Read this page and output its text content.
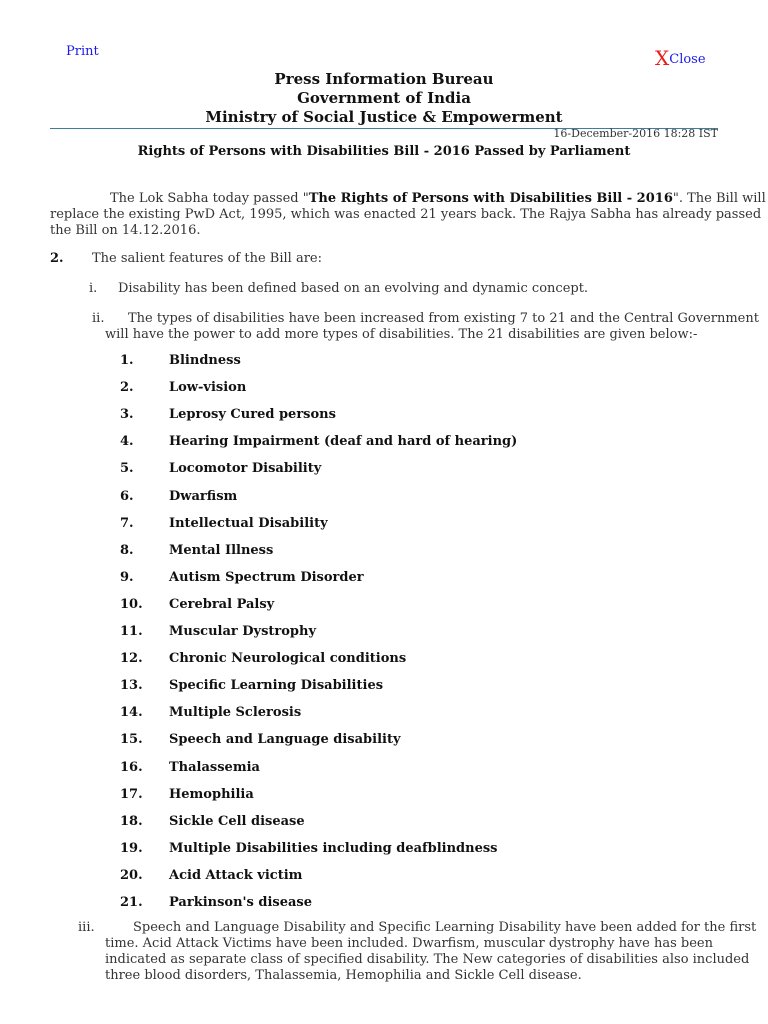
Print	XClose
Press Information Bureau
Government of India
Ministry of Social Justice & Empowerment
16-December-2016 18:28 IST
Rights of Persons with Disabilities Bill - 2016 Passed by Parliament
The Lok Sabha today passed "The Rights of Persons with Disabilities Bill - 2016". The Bill will
replace the existing PwD Act, 1995, which was enacted 21 years back. The Rajya Sabha has already passed
the Bill on 14.12.2016.
2. The salient features of the Bill are:
i. Disability has been defined based on an evolving and dynamic concept.
ii.	The types of disabilities have been increased from existing 7 to 21 and the Central Government
will have the power to add more types of disabilities. The 21 disabilities are given below:-
1.	Blindness
2.	Low-vision
3.	Leprosy Cured persons
4.	Hearing Impairment (deaf and hard of hearing)
5.	Locomotor Disability
6.	Dwarfism
7.	Intellectual Disability
8.	Mental Illness
9.	Autism Spectrum Disorder
10. Cerebral Palsy
11. Muscular Dystrophy
12. Chronic Neurological conditions
13. Specific Learning Disabilities
14. Multiple Sclerosis
15. Speech and Language disability
16. Thalassemia
17. Hemophilia
18. Sickle Cell disease
19. Multiple Disabilities including deafblindness
20. Acid Attack victim
21. Parkinson's disease
iii.	Speech and Language Disability and Specific Learning Disability have been added for the first
time. Acid Attack Victims have been included. Dwarfism, muscular dystrophy have has been
indicated as separate class of specified disability. The New categories of disabilities also included
three blood disorders, Thalassemia, Hemophilia and Sickle Cell disease.
